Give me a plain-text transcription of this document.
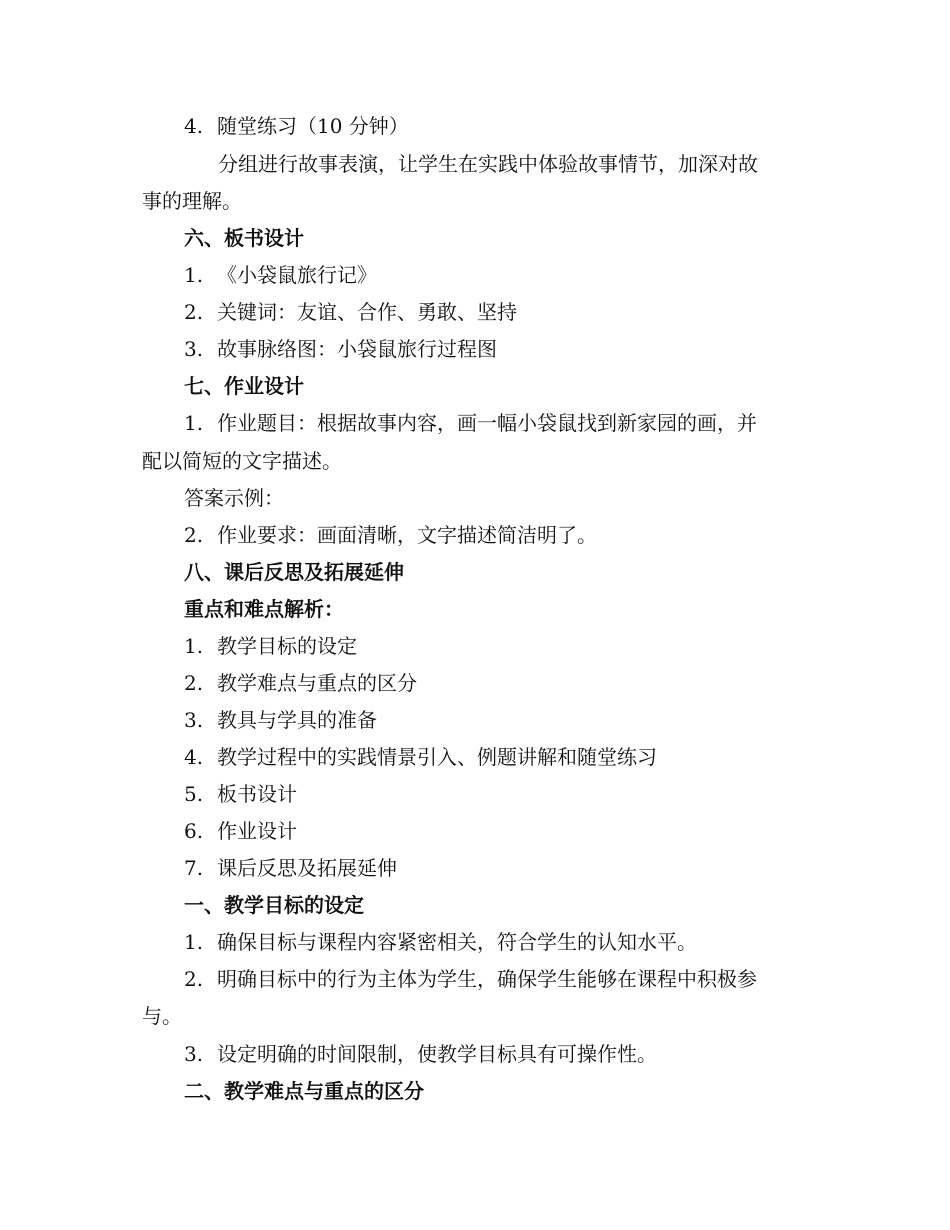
4. 随堂练习（10 分钟）
分组进行故事表演，让学生在实践中体验故事情节，加深对故
事的理解。
六、板书设计
1. 《小袋鼠旅行记》
2. 关键词：友谊、合作、勇敢、坚持
3. 故事脉络图：小袋鼠旅行过程图
七、作业设计
1. 作业题目：根据故事内容，画一幅小袋鼠找到新家园的画，并
配以简短的文字描述。
答案示例：
2. 作业要求：画面清晰，文字描述简洁明了。
八、课后反思及拓展延伸
重点和难点解析：
1. 教学目标的设定
2. 教学难点与重点的区分
3. 教具与学具的准备
4. 教学过程中的实践情景引入、例题讲解和随堂练习
5. 板书设计
6. 作业设计
7. 课后反思及拓展延伸
一、教学目标的设定
1. 确保目标与课程内容紧密相关，符合学生的认知水平。
2. 明确目标中的行为主体为学生，确保学生能够在课程中积极参
与。
3. 设定明确的时间限制，使教学目标具有可操作性。
二、教学难点与重点的区分
